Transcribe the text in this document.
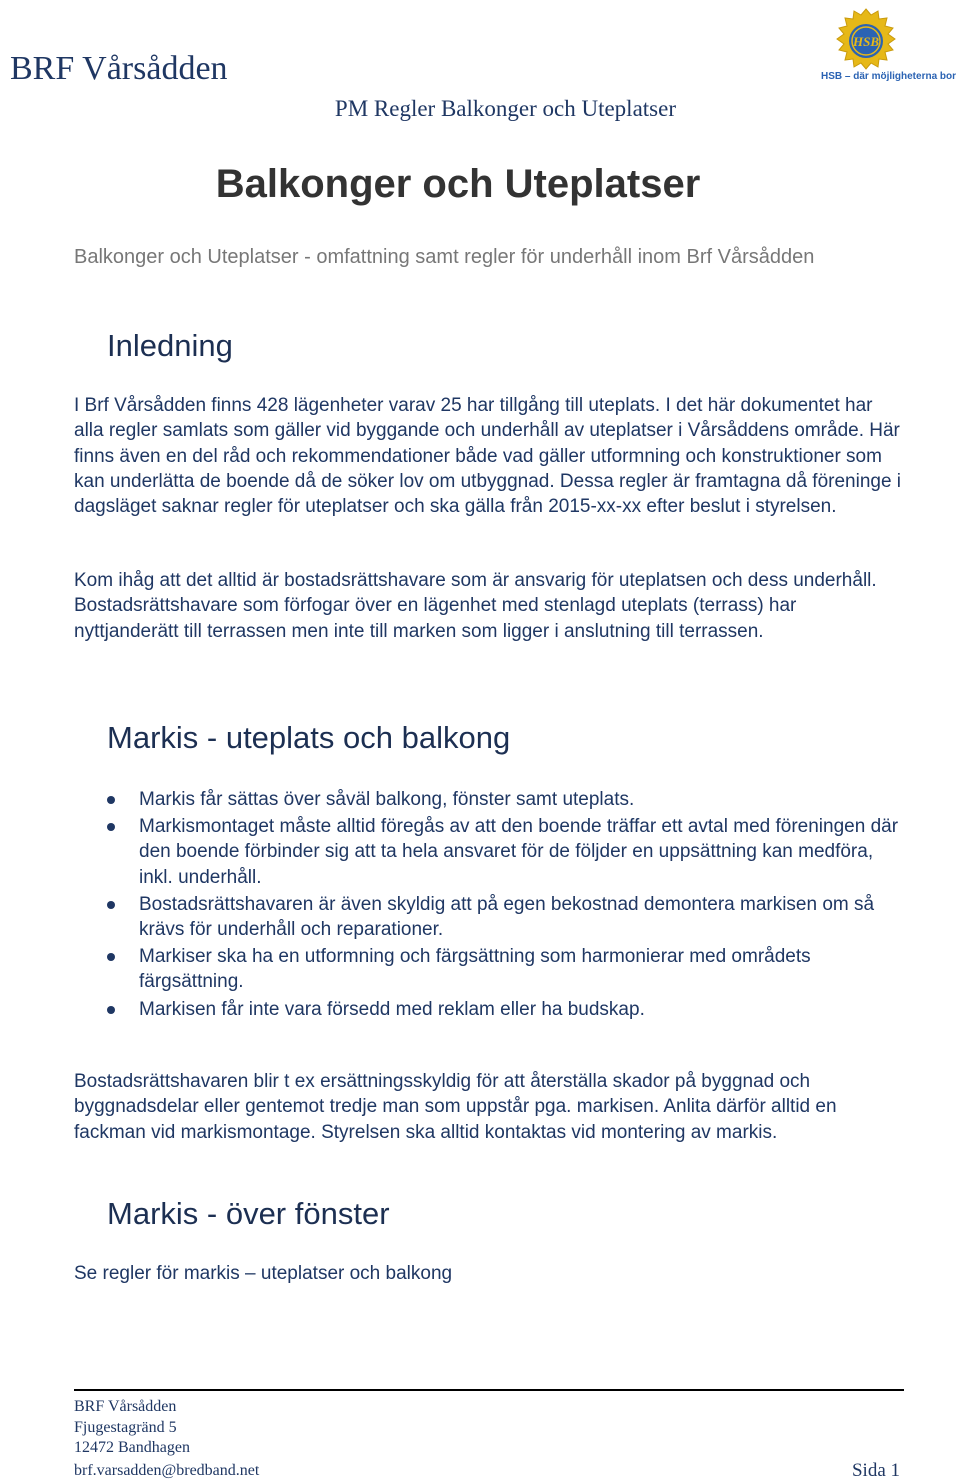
BRF Vårsådden
PM Regler Balkonger och Uteplatser
HSB
HSB – där möjligheterna bor
Balkonger och Uteplatser
Balkonger och Uteplatser - omfattning samt regler för underhåll inom Brf Vårsådden
Inledning

I Brf Vårsådden finns 428 lägenheter varav 25 har tillgång till uteplats. I det här dokumentet har alla regler samlats som gäller vid byggande och underhåll av uteplatser i Vårsåddens område. Här finns även en del råd och rekommendationer både vad gäller utformning och konstruktioner som kan underlätta de boende då de söker lov om utbyggnad. Dessa regler är framtagna då föreninge i dagsläget saknar regler för uteplatser och ska gälla från 2015-xx-xx efter beslut i styrelsen.

Kom ihåg att det alltid är bostadsrättshavare som är ansvarig för uteplatsen och dess underhåll. Bostadsrättshavare som förfogar över en lägenhet med stenlagd uteplats (terrass) har nyttjanderätt till terrassen men inte till marken som ligger i anslutning till terrassen.

Markis - uteplats och balkong
Markis får sättas över såväl balkong, fönster samt uteplats.
Markismontaget måste alltid föregås av att den boende träffar ett avtal med föreningen där den boende förbinder sig att ta hela ansvaret för de följder en uppsättning kan medföra, inkl. underhåll.
Bostadsrättshavaren är även skyldig att på egen bekostnad demontera markisen om så krävs för underhåll och reparationer.
Markiser ska ha en utformning och färgsättning som harmonierar med områdets färgsättning.
Markisen får inte vara försedd med reklam eller ha budskap.

Bostadsrättshavaren blir t ex ersättningsskyldig för att återställa skador på byggnad och byggnadsdelar eller gentemot tredje man som uppstår pga. markisen. Anlita därför alltid en fackman vid markismontage. Styrelsen ska alltid kontaktas vid montering av markis.

Markis - över fönster

Se regler för markis – uteplatser och balkong

BRF Vårsådden
Fjugestagränd 5
12472 Bandhagen
brf.varsadden@bredband.net	Sida 1
